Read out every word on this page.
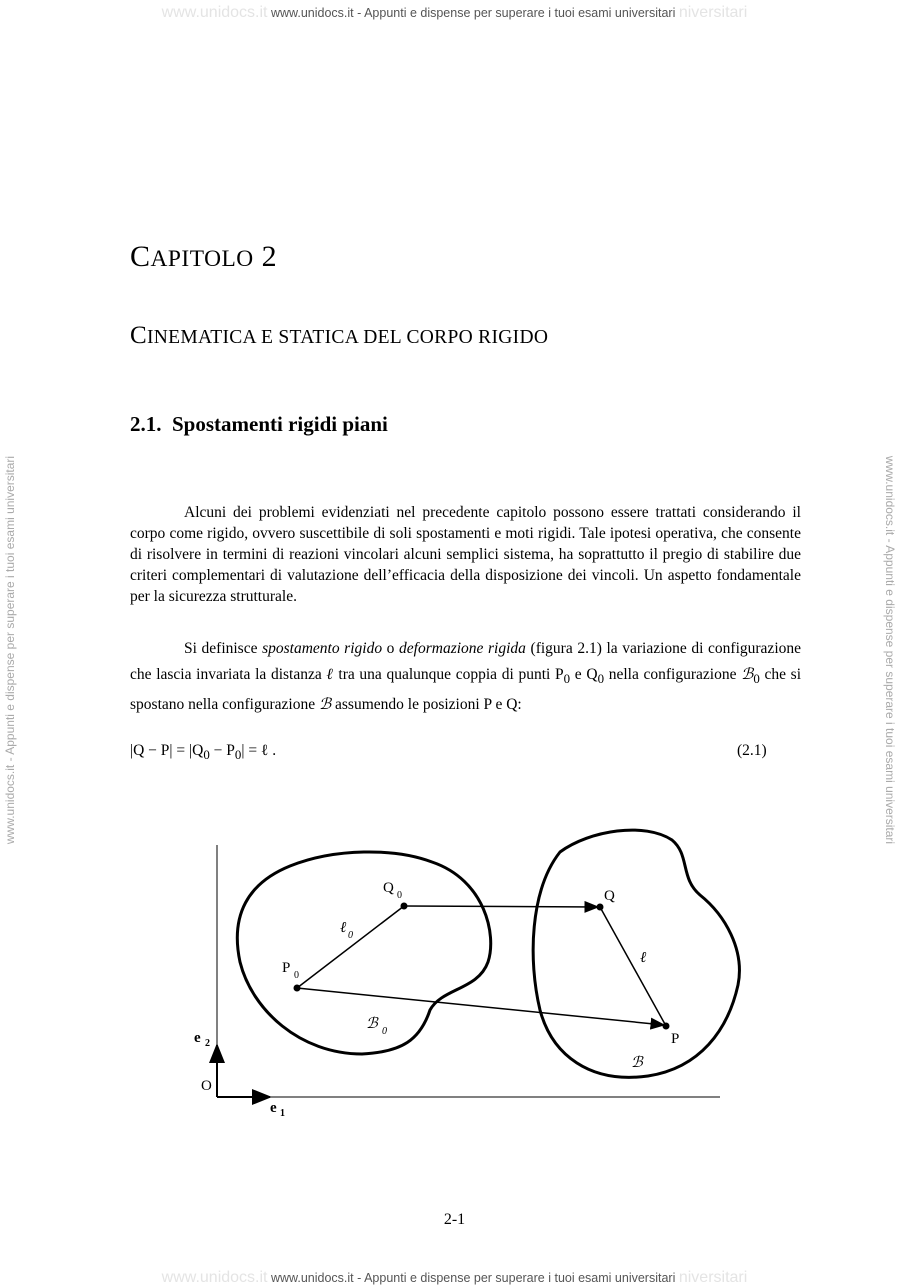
www.unidocs.it www.unidocs.it - Appunti e dispense per superare i tuoi esami universitari niversitari
www.unidocs.it - Appunti e dispense per superare i tuoi esami universitari	www.unidocs.it - Appunti e dispense per superare i tuoi esami universitari
CAPITOLO 2
CINEMATICA E STATICA DEL CORPO RIGIDO
2.1. Spostamenti rigidi piani
Alcuni dei problemi evidenziati nel precedente capitolo possono essere trattati considerando il corpo come rigido, ovvero suscettibile di soli spostamenti e moti rigidi. Tale ipotesi operativa, che consente di risolvere in termini di reazioni vincolari alcuni semplici sistema, ha soprattutto il pregio di stabilire due criteri complementari di valutazione dell’efficacia della disposizione dei vincoli. Un aspetto fondamentale per la sicurezza strutturale.
Si definisce spostamento rigido o deformazione rigida (figura 2.1) la variazione di configurazione che lascia invariata la distanza ℓ tra una qualunque coppia di punti $P_0$ e $Q_0$ nella configurazione ℬ$_0$ che si spostano nella configurazione ℬ assumendo le posizioni P e Q:
$|Q - P| = |Q_0 - P_0|$ = ℓ .	(2.1)
Q 0
P 0
Q
P
ℓ 0
ℓ
ℬ 0
ℬ
e 2
O
e 1
2-1
www.unidocs.it www.unidocs.it - Appunti e dispense per superare i tuoi esami universitari niversitari
